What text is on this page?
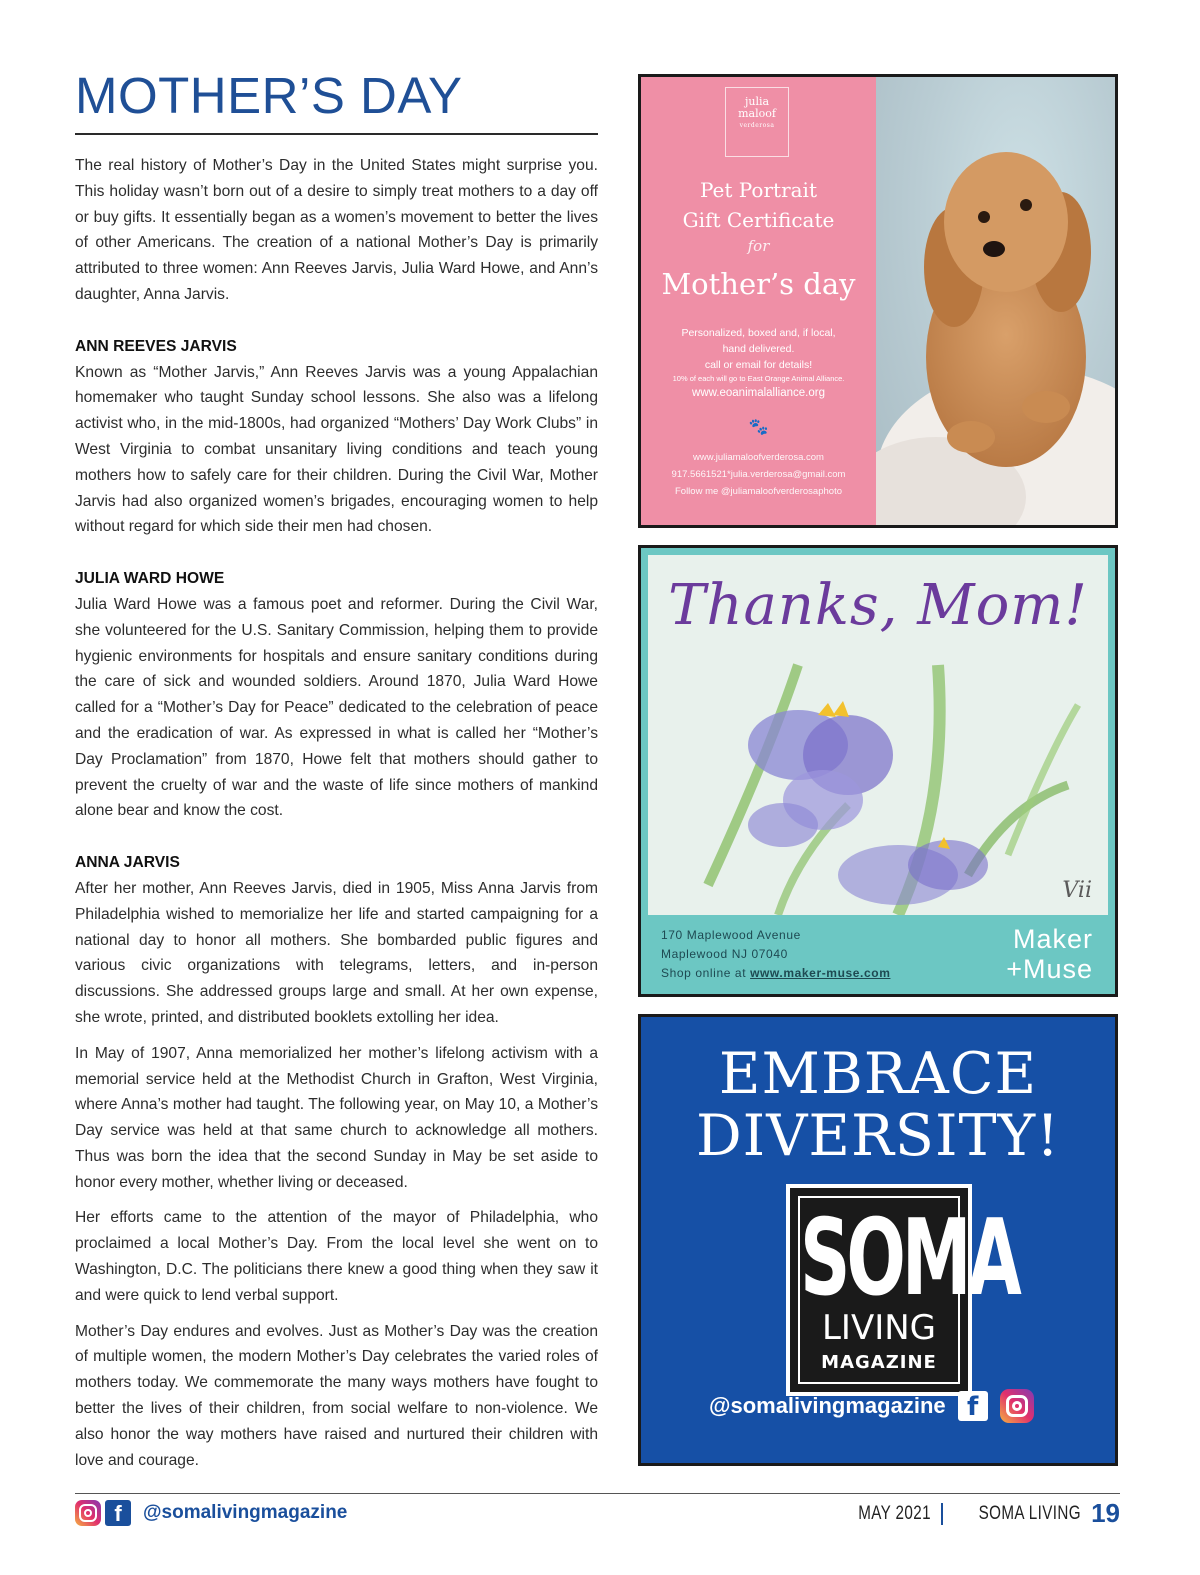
MOTHER’S DAY

The real history of Mother’s Day in the United States might surprise you. This holiday wasn’t born out of a desire to simply treat mothers to a day off or buy gifts. It essentially began as a women’s movement to better the lives of other Americans. The creation of a national Mother’s Day is primarily attributed to three women: Ann Reeves Jarvis, Julia Ward Howe, and Ann’s daughter, Anna Jarvis.

ANN REEVES JARVIS

Known as “Mother Jarvis,” Ann Reeves Jarvis was a young Appalachian homemaker who taught Sunday school lessons. She also was a lifelong activist who, in the mid-1800s, had organized “Mothers’ Day Work Clubs” in West Virginia to combat unsanitary living conditions and teach young mothers how to safely care for their children. During the Civil War, Mother Jarvis had also organized women’s brigades, encouraging women to help without regard for which side their men had chosen.

JULIA WARD HOWE

Julia Ward Howe was a famous poet and reformer. During the Civil War, she volunteered for the U.S. Sanitary Commission, helping them to provide hygienic environments for hospitals and ensure sanitary conditions during the care of sick and wounded soldiers. Around 1870, Julia Ward Howe called for a “Mother’s Day for Peace” dedicated to the celebration of peace and the eradication of war. As expressed in what is called her “Mother’s Day Proclamation” from 1870, Howe felt that mothers should gather to prevent the cruelty of war and the waste of life since mothers of mankind alone bear and know the cost.

ANNA JARVIS

After her mother, Ann Reeves Jarvis, died in 1905, Miss Anna Jarvis from Philadelphia wished to memorialize her life and started campaigning for a national day to honor all mothers. She bombarded public figures and various civic organizations with telegrams, letters, and in-person discussions. She addressed groups large and small. At her own expense, she wrote, printed, and distributed booklets extolling her idea.

In May of 1907, Anna memorialized her mother’s lifelong activism with a memorial service held at the Methodist Church in Grafton, West Virginia, where Anna’s mother had taught. The following year, on May 10, a Mother’s Day service was held at that same church to acknowledge all mothers. Thus was born the idea that the second Sunday in May be set aside to honor every mother, whether living or deceased.

Her efforts came to the attention of the mayor of Philadelphia, who proclaimed a local Mother’s Day. From the local level she went on to Washington, D.C. The politicians there knew a good thing when they saw it and were quick to lend verbal support.

Mother’s Day endures and evolves. Just as Mother’s Day was the creation of multiple women, the modern Mother’s Day celebrates the varied roles of mothers today. We commemorate the many ways mothers have fought to better the lives of their children, from social welfare to non-violence. We also honor the way mothers have raised and nurtured their children with love and courage.

julia
maloof
verderosa
Pet Portrait
Gift Certificate
for
Mother’s day
Personalized, boxed and, if local,
hand delivered.
call or email for details!
10% of each will go to East Orange Animal Alliance.
www.eoanimalalliance.org
🐾
www.juliamaloofverderosa.com
917.5661521*julia.verderosa@gmail.com
Follow me @juliamaloofverderosaphoto
Thanks, Mom!
Vii
170 Maplewood Avenue
Maplewood NJ 07040
Shop online at www.maker-muse.com
Maker
+Muse
EMBRACE
DIVERSITY!
SOMA
LIVING
MAGAZINE
@somalivingmagazine f
f	@somalivingmagazine	MAY 2021	SOMA LIVING 19
